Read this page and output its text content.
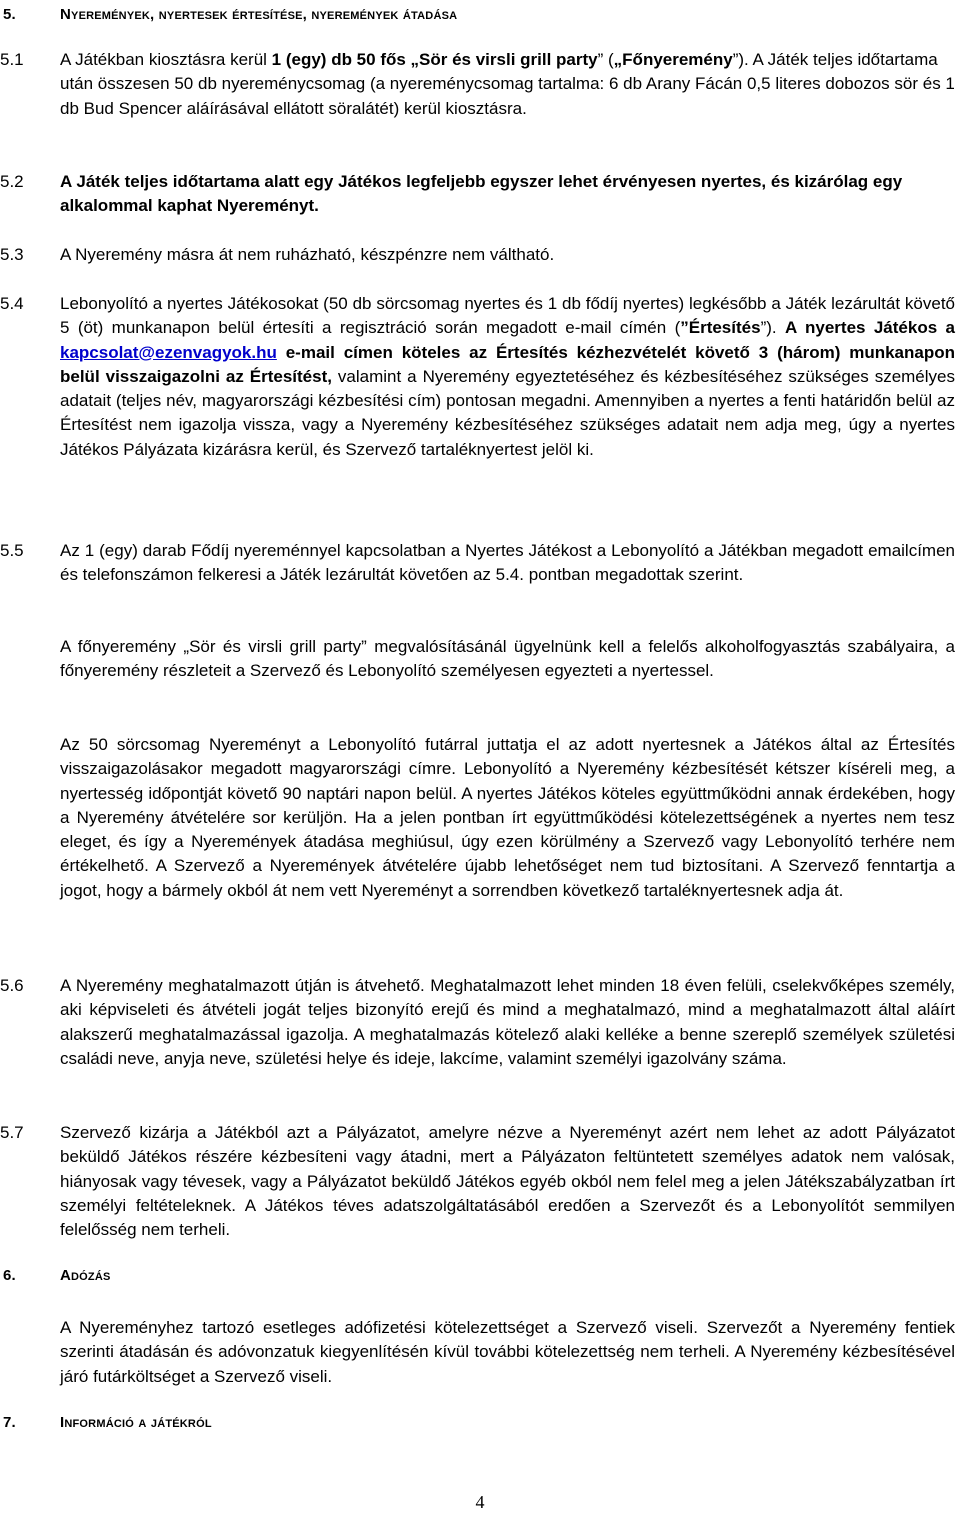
5.	Nyeremények, nyertesek értesítése, nyeremények átadása
5.1 A Játékban kiosztásra kerül 1 (egy) db 50 fős „Sör és virsli grill party” („Főnyeremény”). A Játék teljes időtartama után összesen 50 db nyereménycsomag (a nyereménycsomag tartalma: 6 db Arany Fácán 0,5 literes dobozos sör és 1 db Bud Spencer aláírásával ellátott söralátét) kerül kiosztásra.
5.2 A Játék teljes időtartama alatt egy Játékos legfeljebb egyszer lehet érvényesen nyertes, és kizárólag egy alkalommal kaphat Nyereményt.
5.3 A Nyeremény másra át nem ruházható, készpénzre nem váltható.
5.4 Lebonyolító a nyertes Játékosokat (50 db sörcsomag nyertes és 1 db fődíj nyertes) legkésőbb a Játék lezárultát követő 5 (öt) munkanapon belül értesíti a regisztráció során megadott e-mail címén (”Értesítés”). A nyertes Játékos a kapcsolat@ezenvagyok.hu e-mail címen köteles az Értesítés kézhezvételét követő 3 (három) munkanapon belül visszaigazolni az Értesítést, valamint a Nyeremény egyeztetéséhez és kézbesítéséhez szükséges személyes adatait (teljes név, magyarországi kézbesítési cím) pontosan megadni. Amennyiben a nyertes a fenti határidőn belül az Értesítést nem igazolja vissza, vagy a Nyeremény kézbesítéséhez szükséges adatait nem adja meg, úgy a nyertes Játékos Pályázata kizárásra kerül, és Szervező tartaléknyertest jelöl ki.
5.5 Az 1 (egy) darab Fődíj nyereménnyel kapcsolatban a Nyertes Játékost a Lebonyolító a Játékban megadott emailcímen és telefonszámon felkeresi a Játék lezárultát követően az 5.4. pontban megadottak szerint.
A főnyeremény „Sör és virsli grill party” megvalósításánál ügyelnünk kell a felelős alkoholfogyasztás szabályaira, a főnyeremény részleteit a Szervező és Lebonyolító személyesen egyezteti a nyertessel.
Az 50 sörcsomag Nyereményt a Lebonyolító futárral juttatja el az adott nyertesnek a Játékos által az Értesítés visszaigazolásakor megadott magyarországi címre. Lebonyolító a Nyeremény kézbesítését kétszer kíséreli meg, a nyertesség időpontját követő 90 naptári napon belül. A nyertes Játékos köteles együttműködni annak érdekében, hogy a Nyeremény átvételére sor kerüljön. Ha a jelen pontban írt együttműködési kötelezettségének a nyertes nem tesz eleget, és így a Nyeremények átadása meghiúsul, úgy ezen körülmény a Szervező vagy Lebonyolító terhére nem értékelhető. A Szervező a Nyeremények átvételére újabb lehetőséget nem tud biztosítani. A Szervező fenntartja a jogot, hogy a bármely okból át nem vett Nyereményt a sorrendben következő tartaléknyertesnek adja át.
5.6 A Nyeremény meghatalmazott útján is átvehető. Meghatalmazott lehet minden 18 éven felüli, cselekvőképes személy, aki képviseleti és átvételi jogát teljes bizonyító erejű és mind a meghatalmazó, mind a meghatalmazott által aláírt alakszerű meghatalmazással igazolja. A meghatalmazás kötelező alaki kelléke a benne szereplő személyek születési családi neve, anyja neve, születési helye és ideje, lakcíme, valamint személyi igazolvány száma.
5.7 Szervező kizárja a Játékból azt a Pályázatot, amelyre nézve a Nyereményt azért nem lehet az adott Pályázatot beküldő Játékos részére kézbesíteni vagy átadni, mert a Pályázaton feltüntetett személyes adatok nem valósak, hiányosak vagy tévesek, vagy a Pályázatot beküldő Játékos egyéb okból nem felel meg a jelen Játékszabályzatban írt személyi feltételeknek. A Játékos téves adatszolgáltatásából eredően a Szervezőt és a Lebonyolítót semmilyen felelősség nem terheli.
6.	Adózás
A Nyereményhez tartozó esetleges adófizetési kötelezettséget a Szervező viseli. Szervezőt a Nyeremény fentiek szerinti átadásán és adóvonzatuk kiegyenlítésén kívül további kötelezettség nem terheli. A Nyeremény kézbesítésével járó futárköltséget a Szervező viseli.
7.	Információ a játékról
4
